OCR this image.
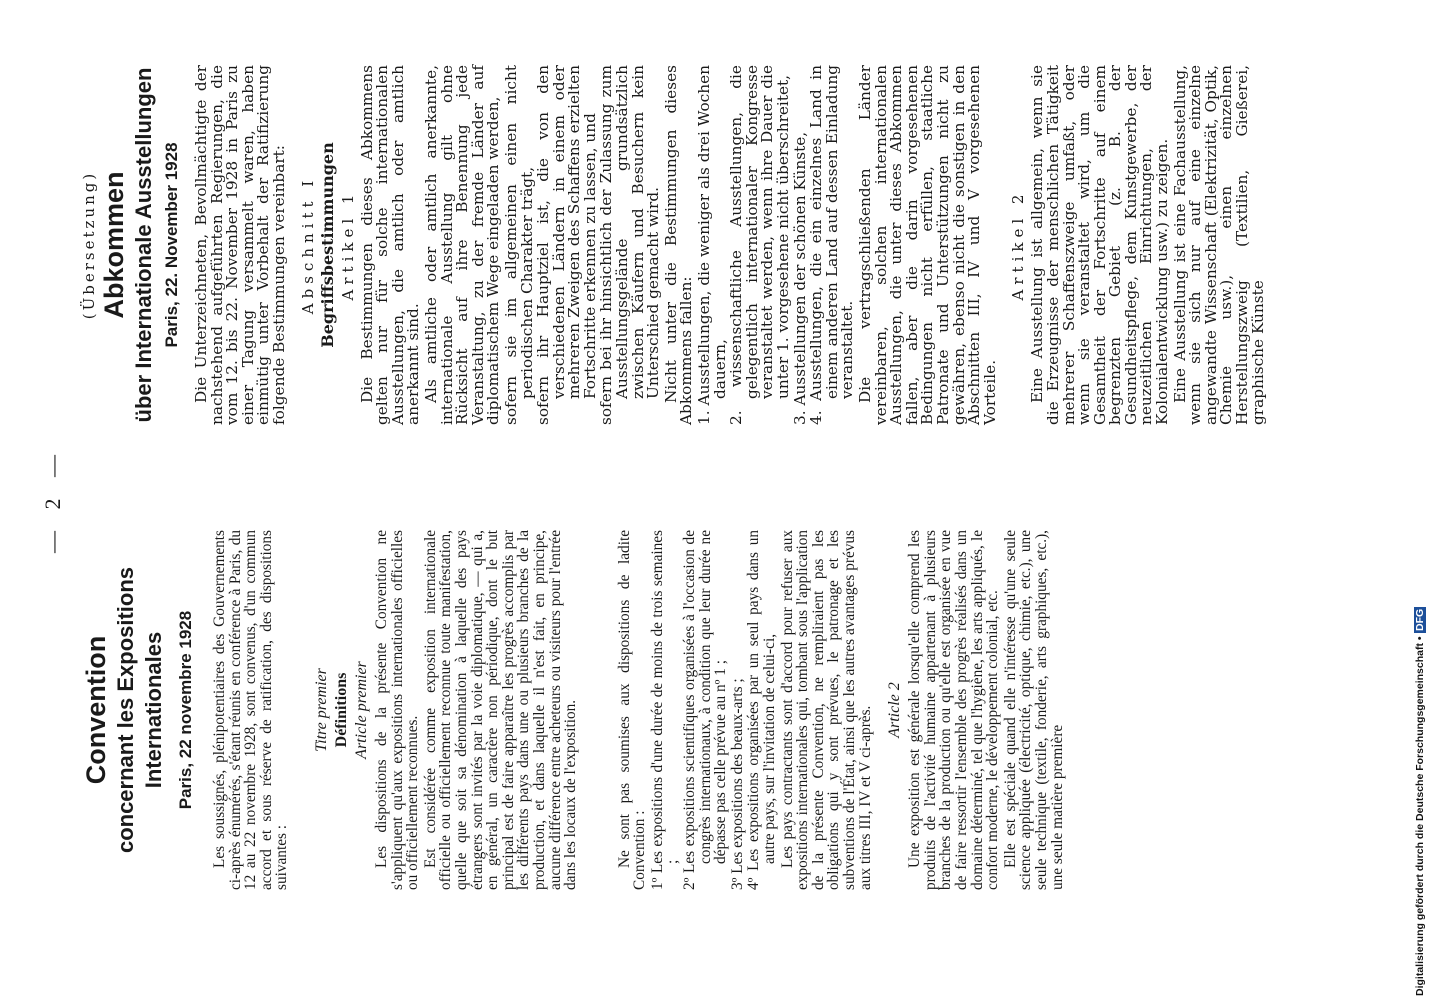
— 2 —
Convention concernant les Expositions Internationales Paris, 22 novembre 1928 Les soussignés, plénipotentiaires des Gouvernements ci-après énumérés, s'étant réunis en conférence à Paris, du 12 au 22 novembre 1928, sont convenus, d'un commun accord et sous réserve de ratification, des dispositions suivantes :

Titre premier Définitions Article premier Les dispositions de la présente Convention ne s'appliquent qu'aux expositions internationales officielles ou officiellement reconnues. Est considérée comme exposition internationale officielle ou officiellement reconnue toute manifestation, quelle que soit sa dénomination à laquelle des pays étrangers sont invités par la voie diplomatique, — qui a, en général, un caractère non périodique, dont le but principal est de faire apparaître les progrès accomplis par les différents pays dans une ou plusieurs branches de la production, et dans laquelle il n'est fait, en principe, aucune différence entre acheteurs ou visiteurs pour l'entrée dans les locaux de l'exposition. Ne sont pas soumises aux dispositions de ladite Convention : 1º Les expositions d'une durée de moins de trois semaines ;
2º Les expositions scientifiques organisées à l'occasion de congrès internationaux, à condition que leur durée ne dépasse pas celle prévue au nº 1 ;
3º Les expositions des beaux-arts ;
4º Les expositions organisées par un seul pays dans un autre pays, sur l'invitation de celui-ci, Les pays contractants sont d'accord pour refuser aux expositions internationales qui, tombant sous l'application de la présente Convention, ne rempliraient pas les obligations qui y sont prévues, le patronage et les subventions de l'État, ainsi que les autres avantages prévus aux titres III, IV et V ci-après. Article 2 Une exposition est générale lorsqu'elle comprend les produits de l'activité humaine appartenant à plusieurs branches de la production ou qu'elle est organisée en vue de faire ressortir l'ensemble des progrès réalisés dans un domaine déterminé, tel que l'hygiène, les arts appliqués, le confort moderne, le développement colonial, etc. Elle est spéciale quand elle n'intéresse qu'une seule science appliquée (électricité, optique, chimie, etc.), une seule technique (textile, fonderie, arts graphiques, etc.), une seule matière première

(Übersetzung) Abkommen über Internationale Ausstellungen Paris, 22. November 1928 Die Unterzeichneten, Bevollmächtigte der nachstehend aufgeführten Regierungen, die vom 12. bis 22. November 1928 in Paris zu einer Tagung versammelt waren, haben einmütig unter Vorbehalt der Ratifizierung folgende Bestimmungen vereinbart: Abschnitt I Begriffsbestimmungen Artikel 1 Die Bestimmungen dieses Abkommens gelten nur für solche internationalen Ausstellungen, die amtlich oder amtlich anerkannt sind. Als amtliche oder amtlich anerkannte, internationale Ausstellung gilt ohne Rücksicht auf ihre Benennung jede Veranstaltung, zu der fremde Länder auf diplomatischem Wege eingeladen werden, sofern sie im allgemeinen einen nicht periodischen Charakter trägt,
sofern ihr Hauptziel ist, die von den verschiedenen Ländern in einem oder mehreren Zweigen des Schaffens erzielten Fortschritte erkennen zu lassen, und
sofern bei ihr hinsichtlich der Zulassung zum Ausstellungsgelände grundsätzlich zwischen Käufern und Besuchern kein Unterschied gemacht wird. Nicht unter die Bestimmungen dieses Abkommens fallen: 1. Ausstellungen, die weniger als drei Wochen dauern,
2. wissenschaftliche Ausstellungen, die gelegentlich internationaler Kongresse veranstaltet werden, wenn ihre Dauer die unter 1. vorgesehene nicht überschreitet,
3. Ausstellungen der schönen Künste,
4. Ausstellungen, die ein einzelnes Land in einem anderen Land auf dessen Einladung veranstaltet. Die vertragschließenden Länder vereinbaren, solchen internationalen Ausstellungen, die unter dieses Abkommen fallen, aber die darin vorgesehenen Bedingungen nicht erfüllen, staatliche Patronate und Unterstützungen nicht zu gewähren, ebenso nicht die sonstigen in den Abschnitten III, IV und V vorgesehenen Vorteile.

Artikel 2 Eine Ausstellung ist allgemein, wenn sie die Erzeugnisse der menschlichen Tätigkeit mehrerer Schaffenszweige umfaßt, oder wenn sie veranstaltet wird, um die Gesamtheit der Fortschritte auf einem begrenzten Gebiet (z. B. der Gesundheitspflege, dem Kunstgewerbe, der neuzeitlichen Einrichtungen, der Kolonialentwicklung usw.) zu zeigen. Eine Ausstellung ist eine Fachausstellung, wenn sie sich nur auf eine einzelne angewandte Wissenschaft (Elektrizität, Optik, Chemie usw.), einen einzelnen Herstellungszweig (Textilien, Gießerei, graphische Künste

Digitalisierung gefördert durch die Deutsche Forschungsgemeinschaft • DFG
